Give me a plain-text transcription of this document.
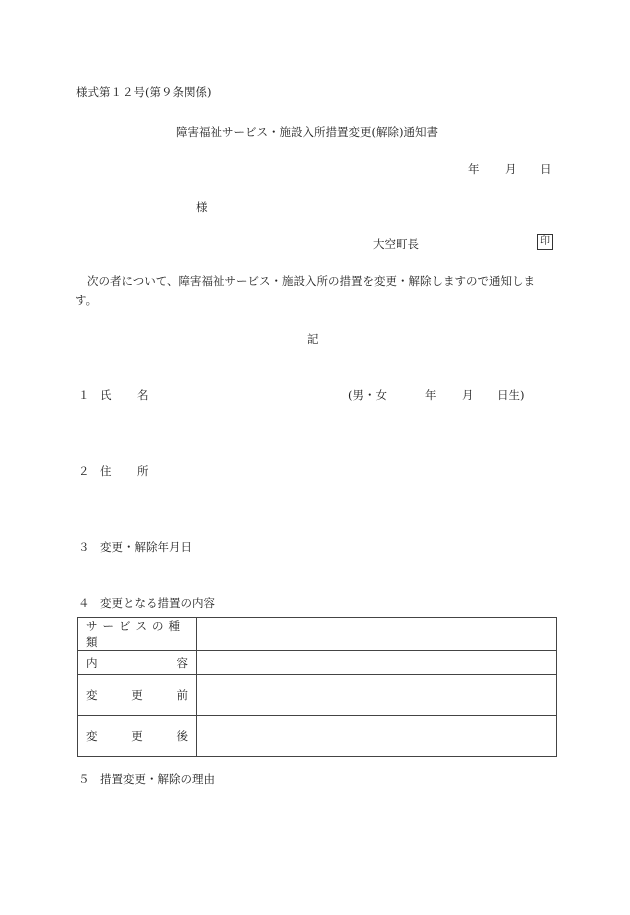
様式第１２号(第９条関係)
障害福祉サービス・施設入所措置変更(解除)通知書
年 月 日
様
大空町長	印
次の者について、障害福祉サービス・施設入所の措置を変更・解除しますので通知します。
記
１ 氏 名	(男・女	年 月 日生)
２ 住 所
３ 変更・解除年月日
４ 変更となる措置の内容
サービスの種類	

内 容	

変 更 前	

変 更 後	

５ 措置変更・解除の理由
